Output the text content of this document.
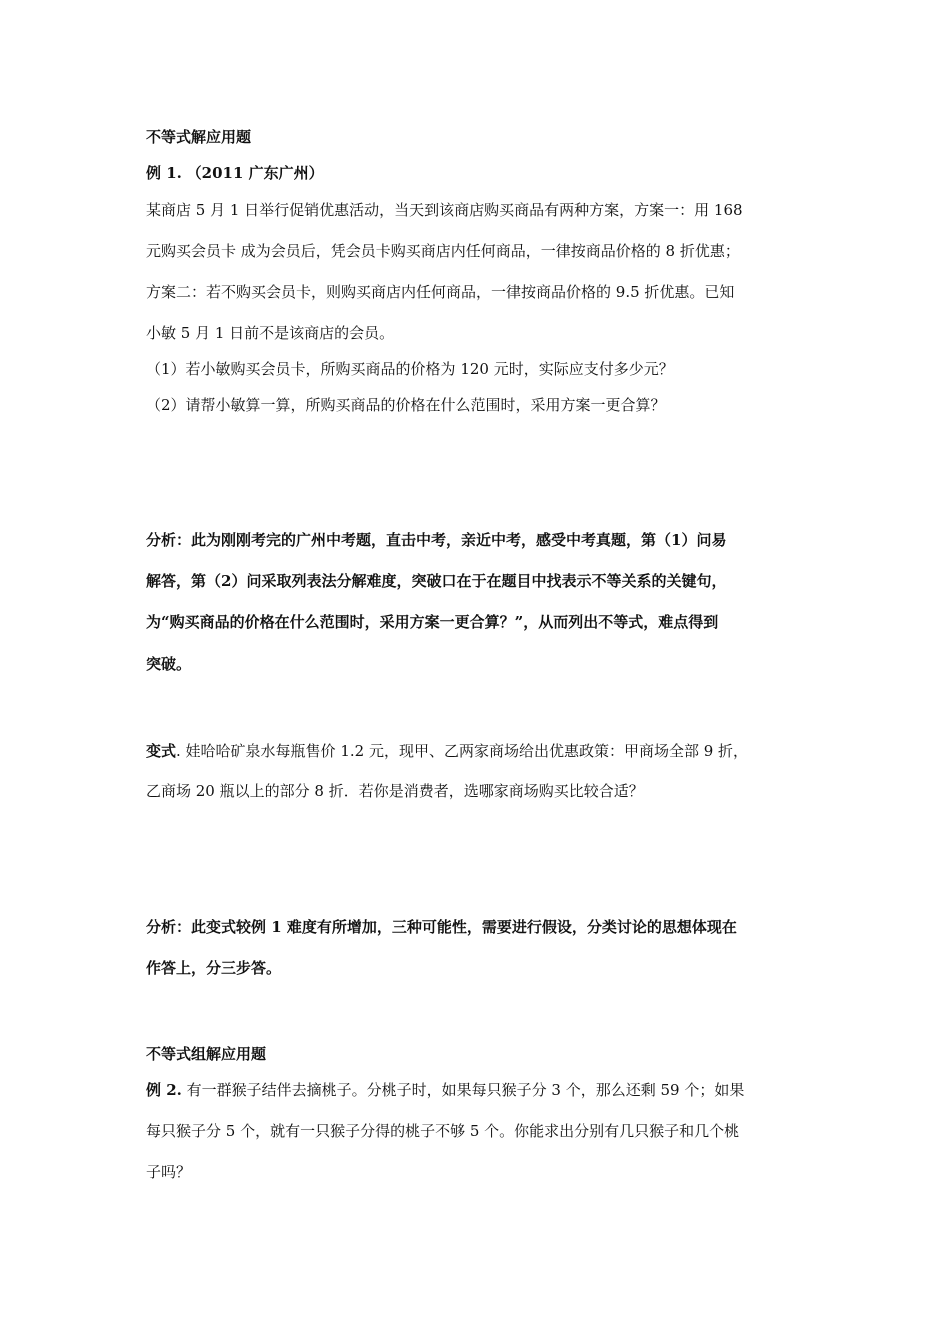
不等式解应用题
例 1. （2011 广东广州）
某商店 5 月 1 日举行促销优惠活动，当天到该商店购买商品有两种方案，方案一：用 168
元购买会员卡 成为会员后，凭会员卡购买商店内任何商品，一律按商品价格的 8 折优惠；
方案二：若不购买会员卡，则购买商店内任何商品，一律按商品价格的 9.5 折优惠。已知
小敏 5 月 1 日前不是该商店的会员。
（1）若小敏购买会员卡，所购买商品的价格为 120 元时，实际应支付多少元？
（2）请帮小敏算一算，所购买商品的价格在什么范围时，采用方案一更合算？
分析：此为刚刚考完的广州中考题，直击中考，亲近中考，感受中考真题，第（1）问易
解答，第（2）问采取列表法分解难度，突破口在于在题目中找表示不等关系的关键句，
为“购买商品的价格在什么范围时，采用方案一更合算？”，从而列出不等式，难点得到
突破。
变式. 娃哈哈矿泉水每瓶售价 1.2 元，现甲、乙两家商场给出优惠政策：甲商场全部 9 折，
乙商场 20 瓶以上的部分 8 折．若你是消费者，选哪家商场购买比较合适？
分析：此变式较例 1 难度有所增加，三种可能性，需要进行假设，分类讨论的思想体现在
作答上，分三步答。
不等式组解应用题
例 2. 有一群猴子结伴去摘桃子。分桃子时，如果每只猴子分 3 个，那么还剩 59 个；如果
每只猴子分 5 个，就有一只猴子分得的桃子不够 5 个。你能求出分别有几只猴子和几个桃
子吗？
